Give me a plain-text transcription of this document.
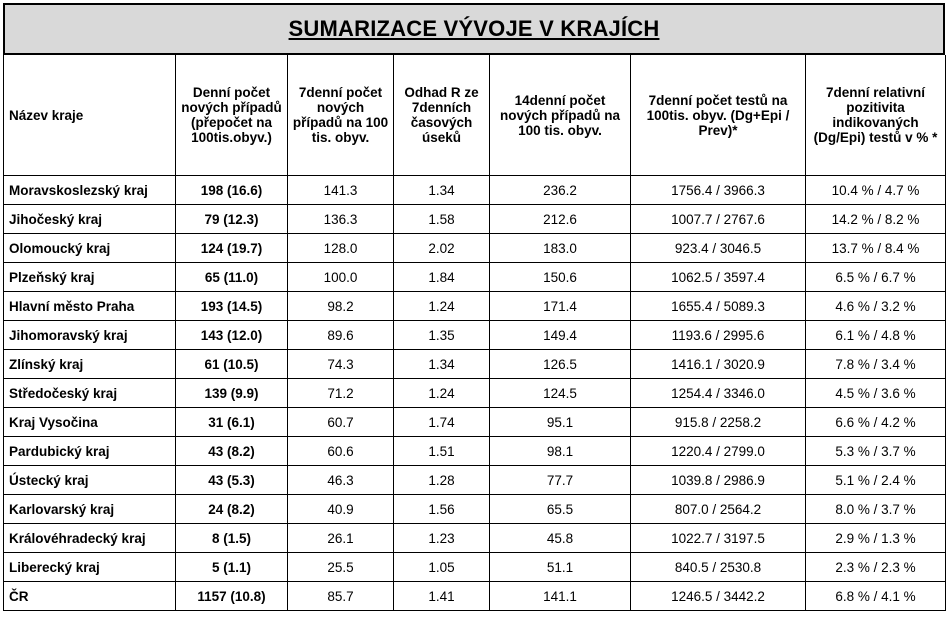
SUMARIZACE VÝVOJE V KRAJÍCH
Název kraje	Denní počet nových případů (přepočet na 100tis.obyv.)	7denní počet nových případů na 100 tis. obyv.	Odhad R ze 7denních časových úseků	14denní počet nových případů na 100 tis. obyv.	7denní počet testů na 100tis. obyv. (Dg+Epi / Prev)*	7denní relativní pozitivita indikovaných (Dg/Epi) testů v % *
Moravskoslezský kraj	198 (16.6)	141.3	1.34	236.2	1756.4 / 3966.3	10.4 % / 4.7 %
Jihočeský kraj	79 (12.3)	136.3	1.58	212.6	1007.7 / 2767.6	14.2 % / 8.2 %
Olomoucký kraj	124 (19.7)	128.0	2.02	183.0	923.4 / 3046.5	13.7 % / 8.4 %
Plzeňský kraj	65 (11.0)	100.0	1.84	150.6	1062.5 / 3597.4	6.5 % / 6.7 %
Hlavní město Praha	193 (14.5)	98.2	1.24	171.4	1655.4 / 5089.3	4.6 % / 3.2 %
Jihomoravský kraj	143 (12.0)	89.6	1.35	149.4	1193.6 / 2995.6	6.1 % / 4.8 %
Zlínský kraj	61 (10.5)	74.3	1.34	126.5	1416.1 / 3020.9	7.8 % / 3.4 %
Středočeský kraj	139 (9.9)	71.2	1.24	124.5	1254.4 / 3346.0	4.5 % / 3.6 %
Kraj Vysočina	31 (6.1)	60.7	1.74	95.1	915.8 / 2258.2	6.6 % / 4.2 %
Pardubický kraj	43 (8.2)	60.6	1.51	98.1	1220.4 / 2799.0	5.3 % / 3.7 %
Ústecký kraj	43 (5.3)	46.3	1.28	77.7	1039.8 / 2986.9	5.1 % / 2.4 %
Karlovarský kraj	24 (8.2)	40.9	1.56	65.5	807.0 / 2564.2	8.0 % / 3.7 %
Královéhradecký kraj	8 (1.5)	26.1	1.23	45.8	1022.7 / 3197.5	2.9 % / 1.3 %
Liberecký kraj	5 (1.1)	25.5	1.05	51.1	840.5 / 2530.8	2.3 % / 2.3 %
ČR	1157 (10.8)	85.7	1.41	141.1	1246.5 / 3442.2	6.8 % / 4.1 %
